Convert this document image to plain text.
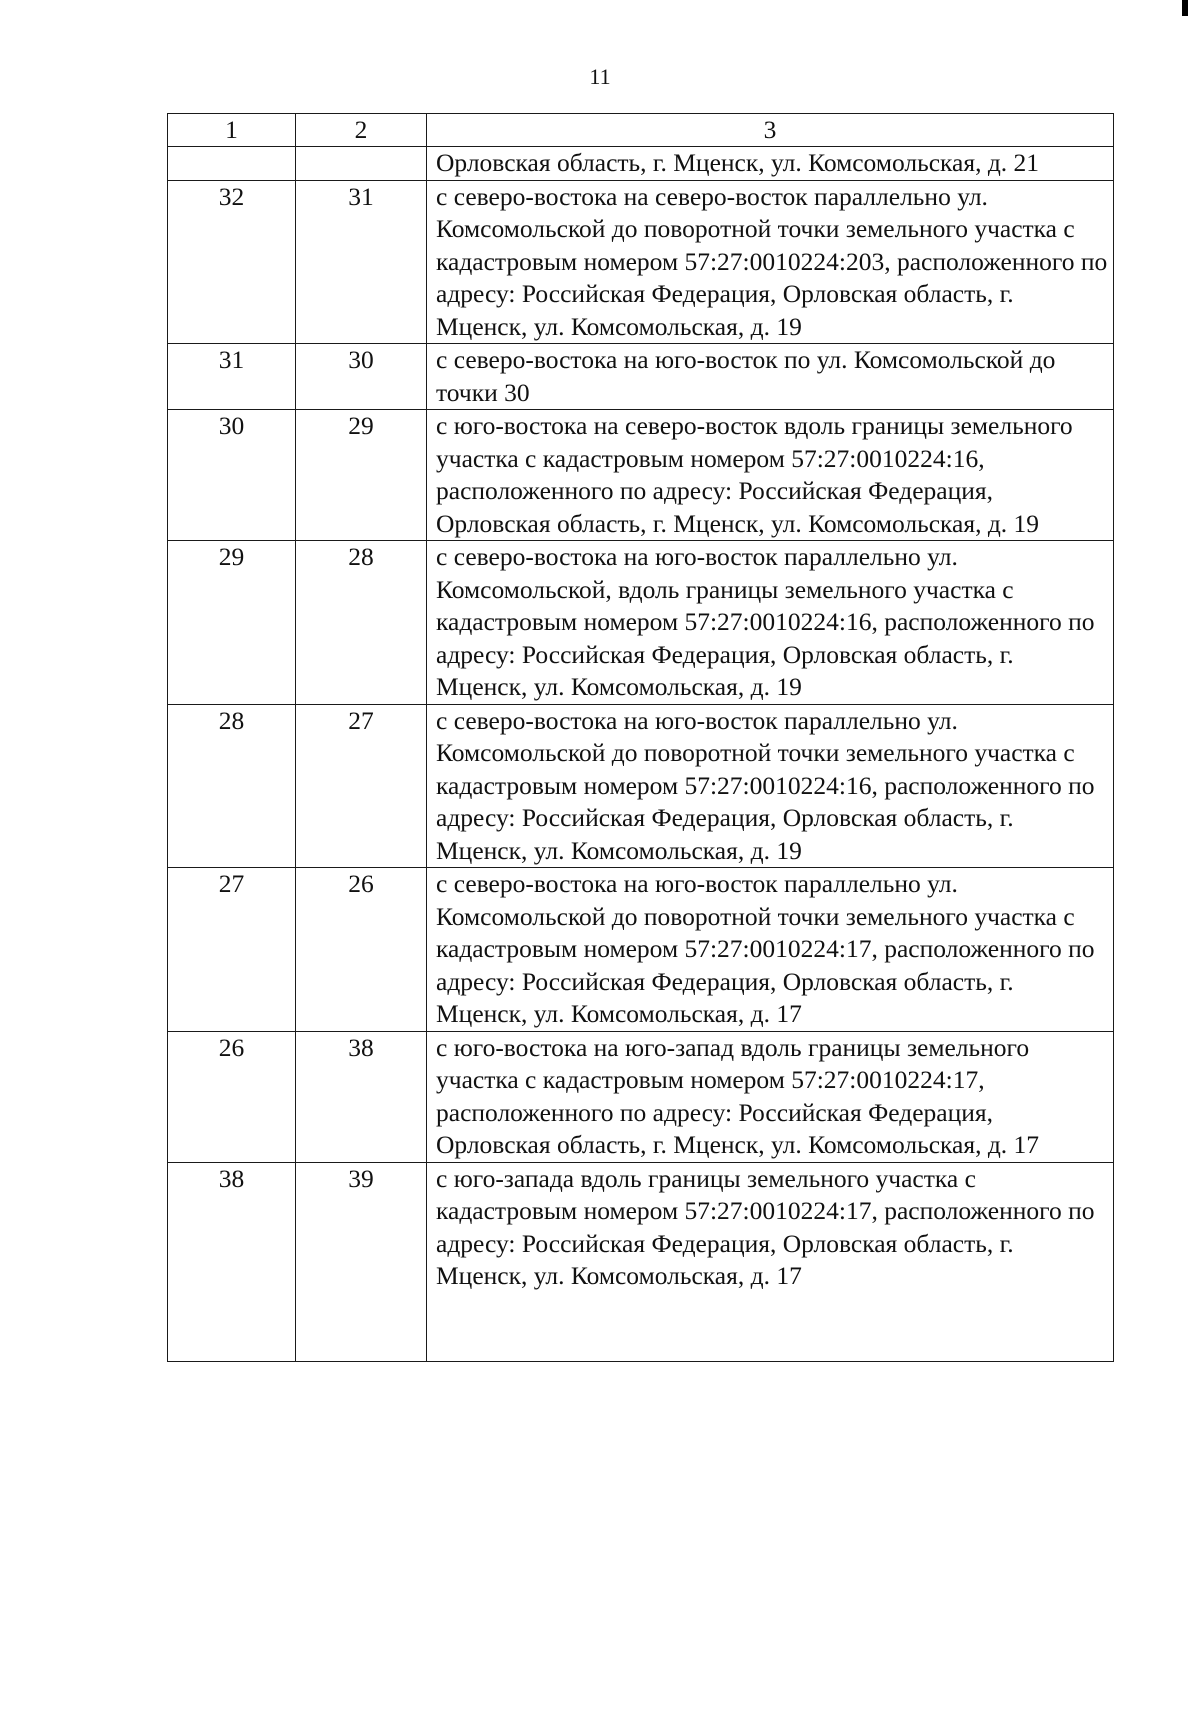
11
1	2	3
		Орловская область, г. Мценск, ул. Комсомольская, д. 21
32	31	с северо-востока на северо-восток параллельно ул. Комсомольской до поворотной точки земельного участка с кадастровым номером 57:27:0010224:203, расположенного по адресу: Российская Федерация, Орловская область, г. Мценск, ул. Комсомольская, д. 19
31	30	с северо-востока на юго-восток по ул. Комсомольской до точки 30
30	29	с юго-востока на северо-восток вдоль границы земельного участка с кадастровым номером 57:27:0010224:16, расположенного по адресу: Российская Федерация, Орловская область, г. Мценск, ул. Комсомольская, д. 19
29	28	с северо-востока на юго-восток параллельно ул. Комсомольской, вдоль границы земельного участка с кадастровым номером 57:27:0010224:16, расположенного по адресу: Российская Федерация, Орловская область, г. Мценск, ул. Комсомольская, д. 19
28	27	с северо-востока на юго-восток параллельно ул. Комсомольской до поворотной точки земельного участка с кадастровым номером 57:27:0010224:16, расположенного по адресу: Российская Федерация, Орловская область, г. Мценск, ул. Комсомольская, д. 19
27	26	с северо-востока на юго-восток параллельно ул. Комсомольской до поворотной точки земельного участка с кадастровым номером 57:27:0010224:17, расположенного по адресу: Российская Федерация, Орловская область, г. Мценск, ул. Комсомольская, д. 17
26	38	с юго-востока на юго-запад вдоль границы земельного участка с кадастровым номером 57:27:0010224:17, расположенного по адресу: Российская Федерация, Орловская область, г. Мценск, ул. Комсомольская, д. 17
38	39	с юго-запада вдоль границы земельного участка с кадастровым номером 57:27:0010224:17, расположенного по адресу: Российская Федерация, Орловская область, г. Мценск, ул. Комсомольская, д. 17
